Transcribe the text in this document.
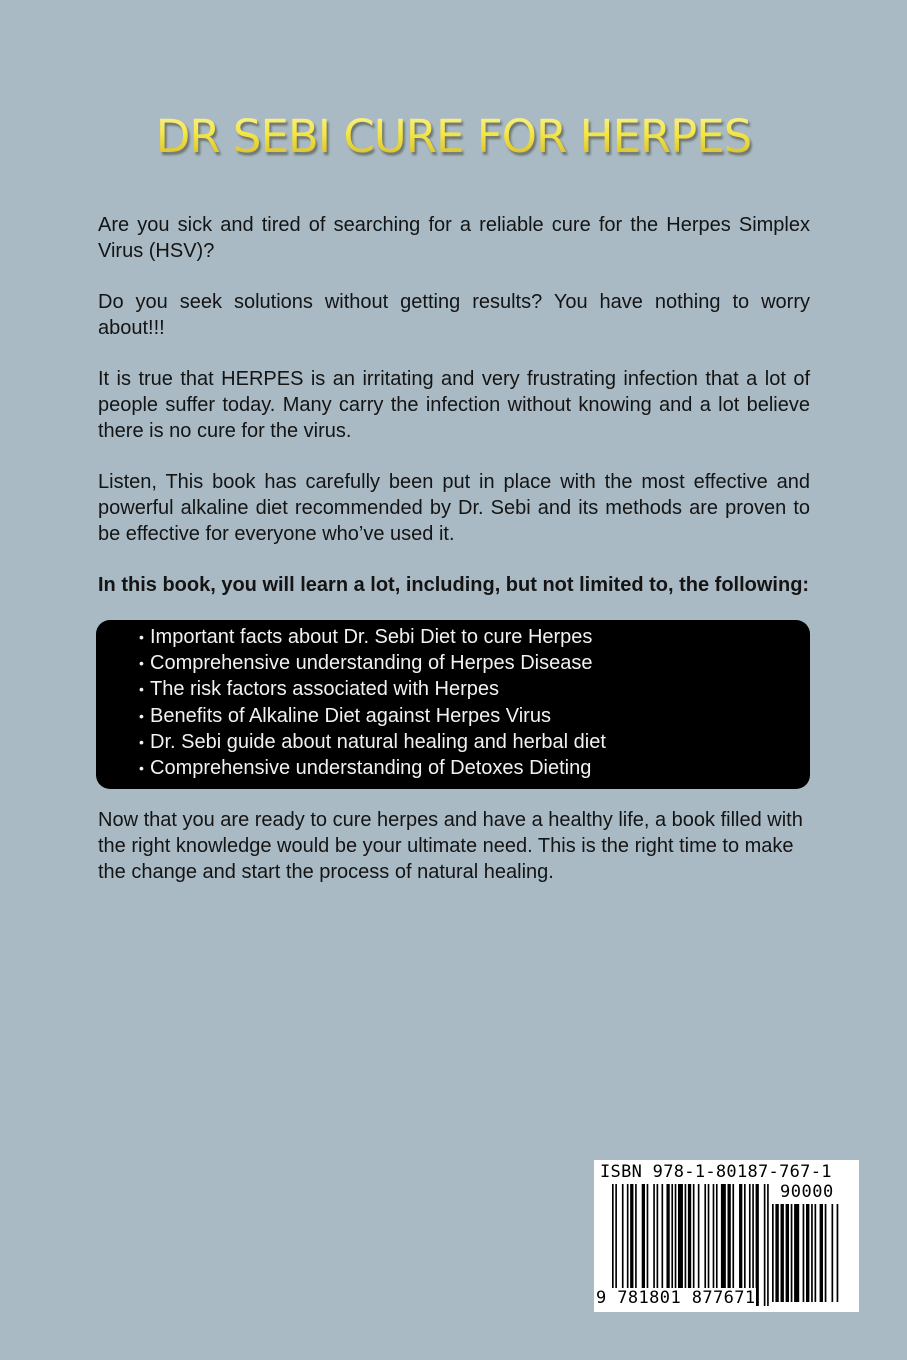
DR SEBI CURE FOR HERPES

Are you sick and tired of searching for a reliable cure for the Herpes Simplex Virus (HSV)?

Do you seek solutions without getting results? You have nothing to worry about!!!

It is true that HERPES is an irritating and very frustrating infection that a lot of people suffer today. Many carry the infection without knowing and a lot believe there is no cure for the virus.

Listen, This book has carefully been put in place with the most effective and powerful alkaline diet recommended by Dr. Sebi and its methods are proven to be effective for everyone who’ve used it.

In this book, you will learn a lot, including, but not limited to, the following:

• Important facts about Dr. Sebi Diet to cure Herpes
• Comprehensive understanding of Herpes Disease
• The risk factors associated with Herpes
• Benefits of Alkaline Diet against Herpes Virus
• Dr. Sebi guide about natural healing and herbal diet
• Comprehensive understanding of Detoxes Dieting

Now that you are ready to cure herpes and have a healthy life, a book filled with the right knowledge would be your ultimate need. This is the right time to make the change and start the process of natural healing.

ISBN 978-1-80187-767-1
90000
9 781801 877671
